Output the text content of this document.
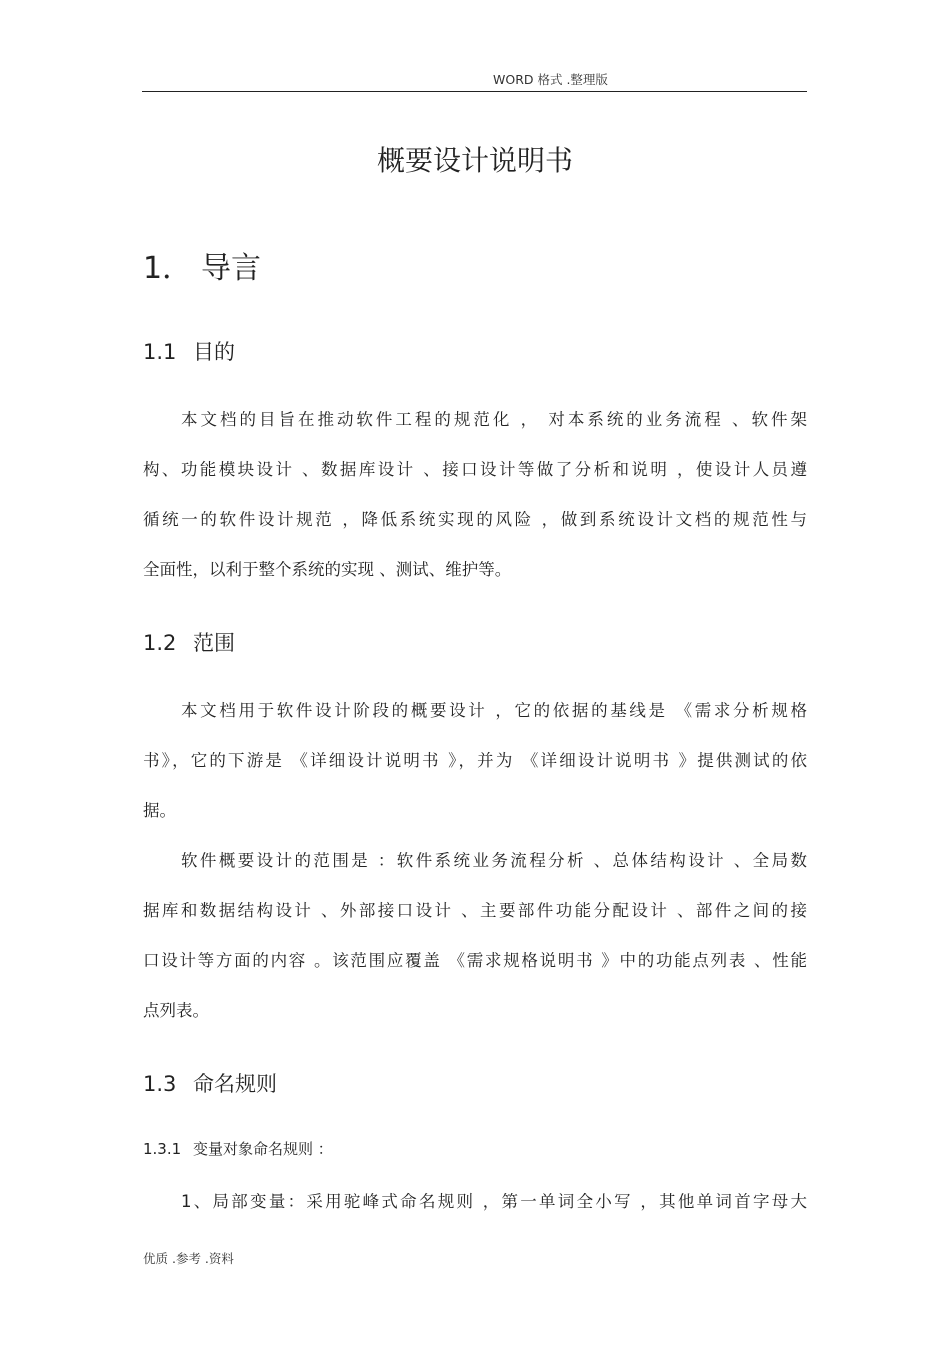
WORD 格式 .整理版
概要设计说明书
1． 导言
1.1 目的
本文档的目旨在推动软件工程的规范化 ， 对本系统的业务流程 、软件架
构、功能模块设计 、数据库设计 、接口设计等做了分析和说明 ，使设计人员遵
循统一的软件设计规范 ，降低系统实现的风险 ，做到系统设计文档的规范性与
全面性，以利于整个系统的实现 、测试、维护等。
1.2 范围
本文档用于软件设计阶段的概要设计 ，它的依据的基线是 《需求分析规格
书》，它的下游是 《详细设计说明书 》，并为 《详细设计说明书 》提供测试的依
据。
软件概要设计的范围是 ：软件系统业务流程分析 、总体结构设计 、全局数
据库和数据结构设计 、外部接口设计 、主要部件功能分配设计 、部件之间的接
口设计等方面的内容 。该范围应覆盖 《需求规格说明书 》中的功能点列表 、性能
点列表。
1.3 命名规则
1.3.1 变量对象命名规则 ：
1、局部变量：采用驼峰式命名规则 ，第一单词全小写 ，其他单词首字母大
优质 .参考 .资料
